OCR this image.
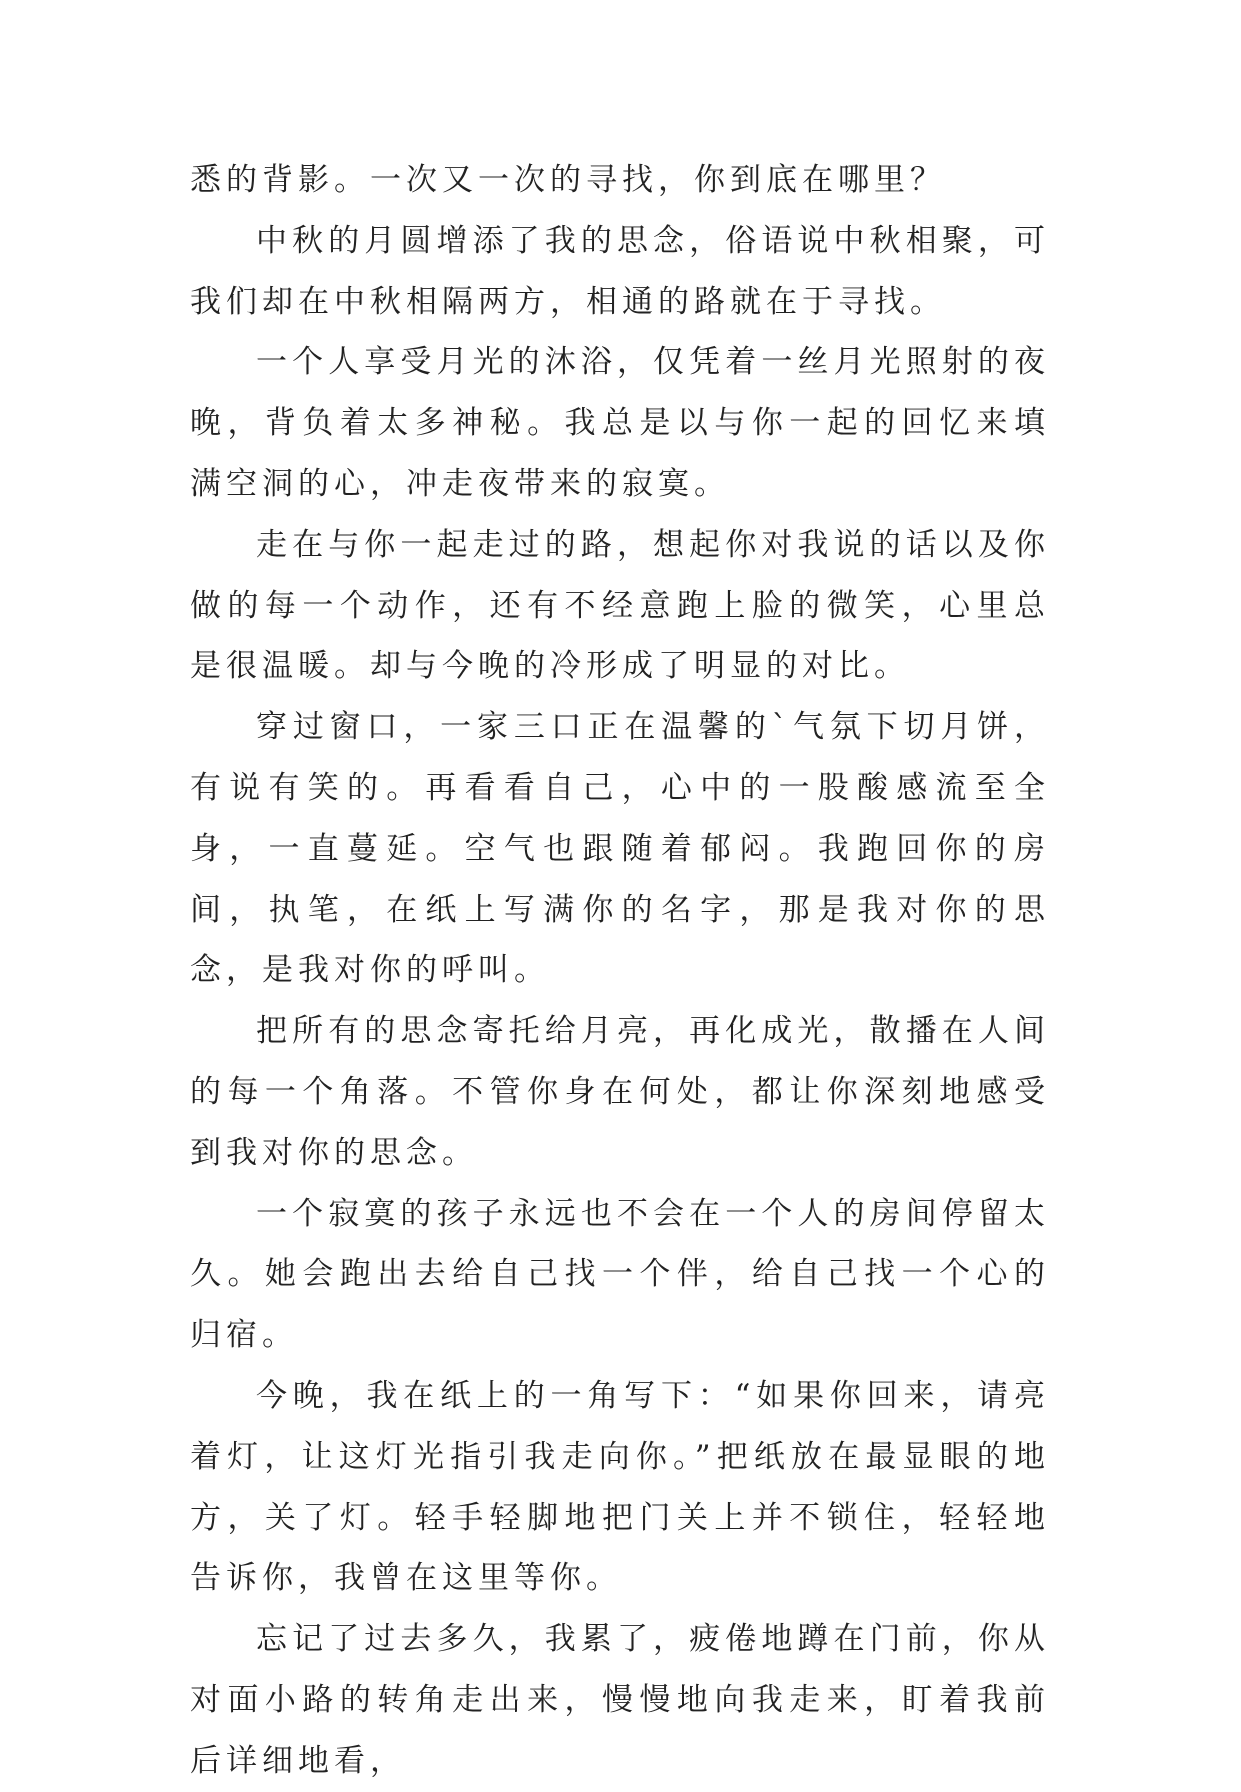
悉的背影。一次又一次的寻找，你到底在哪里？

中秋的月圆增添了我的思念，俗语说中秋相聚，可我们却在中秋相隔两方，相通的路就在于寻找。

一个人享受月光的沐浴，仅凭着一丝月光照射的夜晚，背负着太多神秘。我总是以与你一起的回忆来填满空洞的心，冲走夜带来的寂寞。

走在与你一起走过的路，想起你对我说的话以及你做的每一个动作，还有不经意跑上脸的微笑，心里总是很温暖。却与今晚的冷形成了明显的对比。

穿过窗口，一家三口正在温馨的`气氛下切月饼，有说有笑的。再看看自己，心中的一股酸感流至全身，一直蔓延。空气也跟随着郁闷。我跑回你的房间，执笔，在纸上写满你的名字，那是我对你的思念，是我对你的呼叫。

把所有的思念寄托给月亮，再化成光，散播在人间的每一个角落。不管你身在何处，都让你深刻地感受到我对你的思念。

一个寂寞的孩子永远也不会在一个人的房间停留太久。她会跑出去给自己找一个伴，给自己找一个心的归宿。

今晚，我在纸上的一角写下：“如果你回来，请亮着灯，让这灯光指引我走向你。”把纸放在最显眼的地方，关了灯。轻手轻脚地把门关上并不锁住，轻轻地告诉你，我曾在这里等你。

忘记了过去多久，我累了，疲倦地蹲在门前，你从对面小路的转角走出来，慢慢地向我走来，盯着我前后详细地看，
